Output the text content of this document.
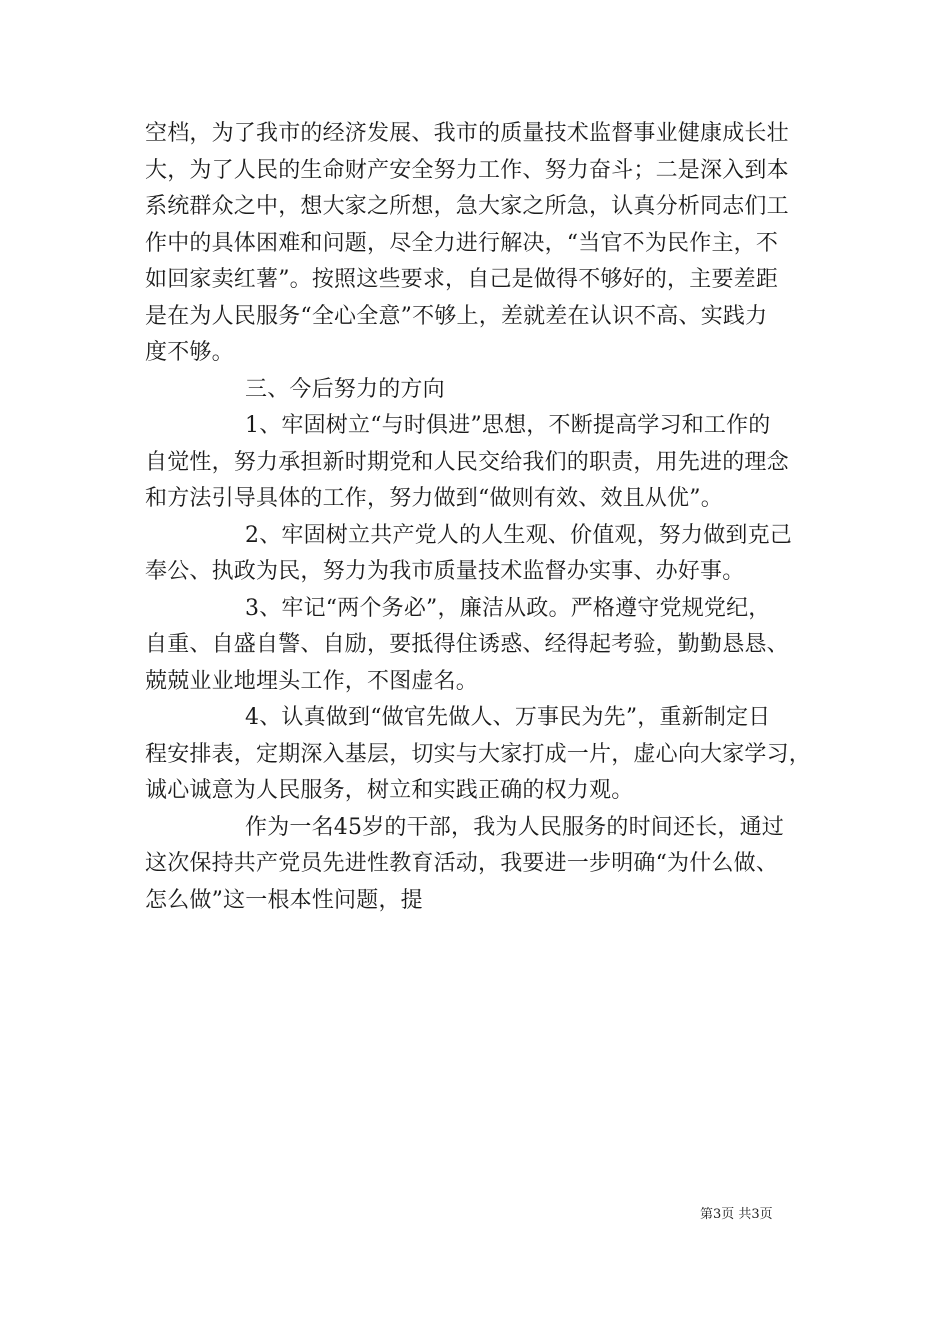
空档，为了我市的经济发展、我市的质量技术监督事业健康成长壮
大，为了人民的生命财产安全努力工作、努力奋斗；二是深入到本
系统群众之中，想大家之所想，急大家之所急，认真分析同志们工
作中的具体困难和问题，尽全力进行解决，“当官不为民作主，不
如回家卖红薯”。按照这些要求，自己是做得不够好的，主要差距
是在为人民服务“全心全意”不够上，差就差在认识不高、实践力
度不够。
三、今后努力的方向
1、牢固树立“与时俱进”思想，不断提高学习和工作的
自觉性，努力承担新时期党和人民交给我们的职责，用先进的理念
和方法引导具体的工作，努力做到“做则有效、效且从优”。
2、牢固树立共产党人的人生观、价值观，努力做到克己
奉公、执政为民，努力为我市质量技术监督办实事、办好事。
3、牢记“两个务必”，廉洁从政。严格遵守党规党纪，
自重、自盛自警、自励，要抵得住诱惑、经得起考验，勤勤恳恳、
兢兢业业地埋头工作，不图虚名。
4、认真做到“做官先做人、万事民为先”，重新制定日
程安排表，定期深入基层，切实与大家打成一片，虚心向大家学习，
诚心诚意为人民服务，树立和实践正确的权力观。
作为一名45岁的干部，我为人民服务的时间还长，通过
这次保持共产党员先进性教育活动，我要进一步明确“为什么做、
怎么做”这一根本性问题，提
第3页 共3页
